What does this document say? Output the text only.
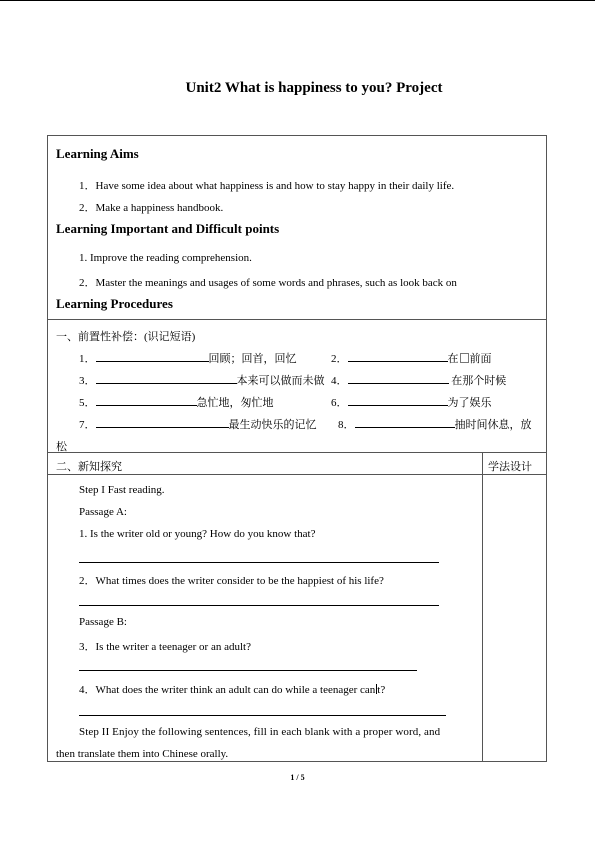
Unit2 What is happiness to you? Project
Learning Aims
1．Have some idea about what happiness is and how to stay happy in their daily life.
2．Make a happiness handbook.
Learning Important and Difficult points
1. Improve the reading comprehension.
2．Master the meanings and usages of some words and phrases, such as look back on
Learning Procedures
一、前置性补偿：(识记短语)
1．	回顾；回首，回忆	2．	在 前面
3．	本来可以做而未做 4．	在那个时候
5．	急忙地，匆忙地	6．	为了娱乐
7．	最生动快乐的记忆 8．	抽时间休息，放
松
二、新知探究	学法设计
Step I Fast reading.
Passage A:
1. Is the writer old or young? How do you know that?
2．What times does the writer consider to be the happiest of his life?
Passage B:
3．Is the writer a teenager or an adult?
4．What does the writer think an adult can do while a teenager can t?
Step II Enjoy the following sentences, fill in each blank with a proper word, and
then translate them into Chinese orally.
1 / 5
